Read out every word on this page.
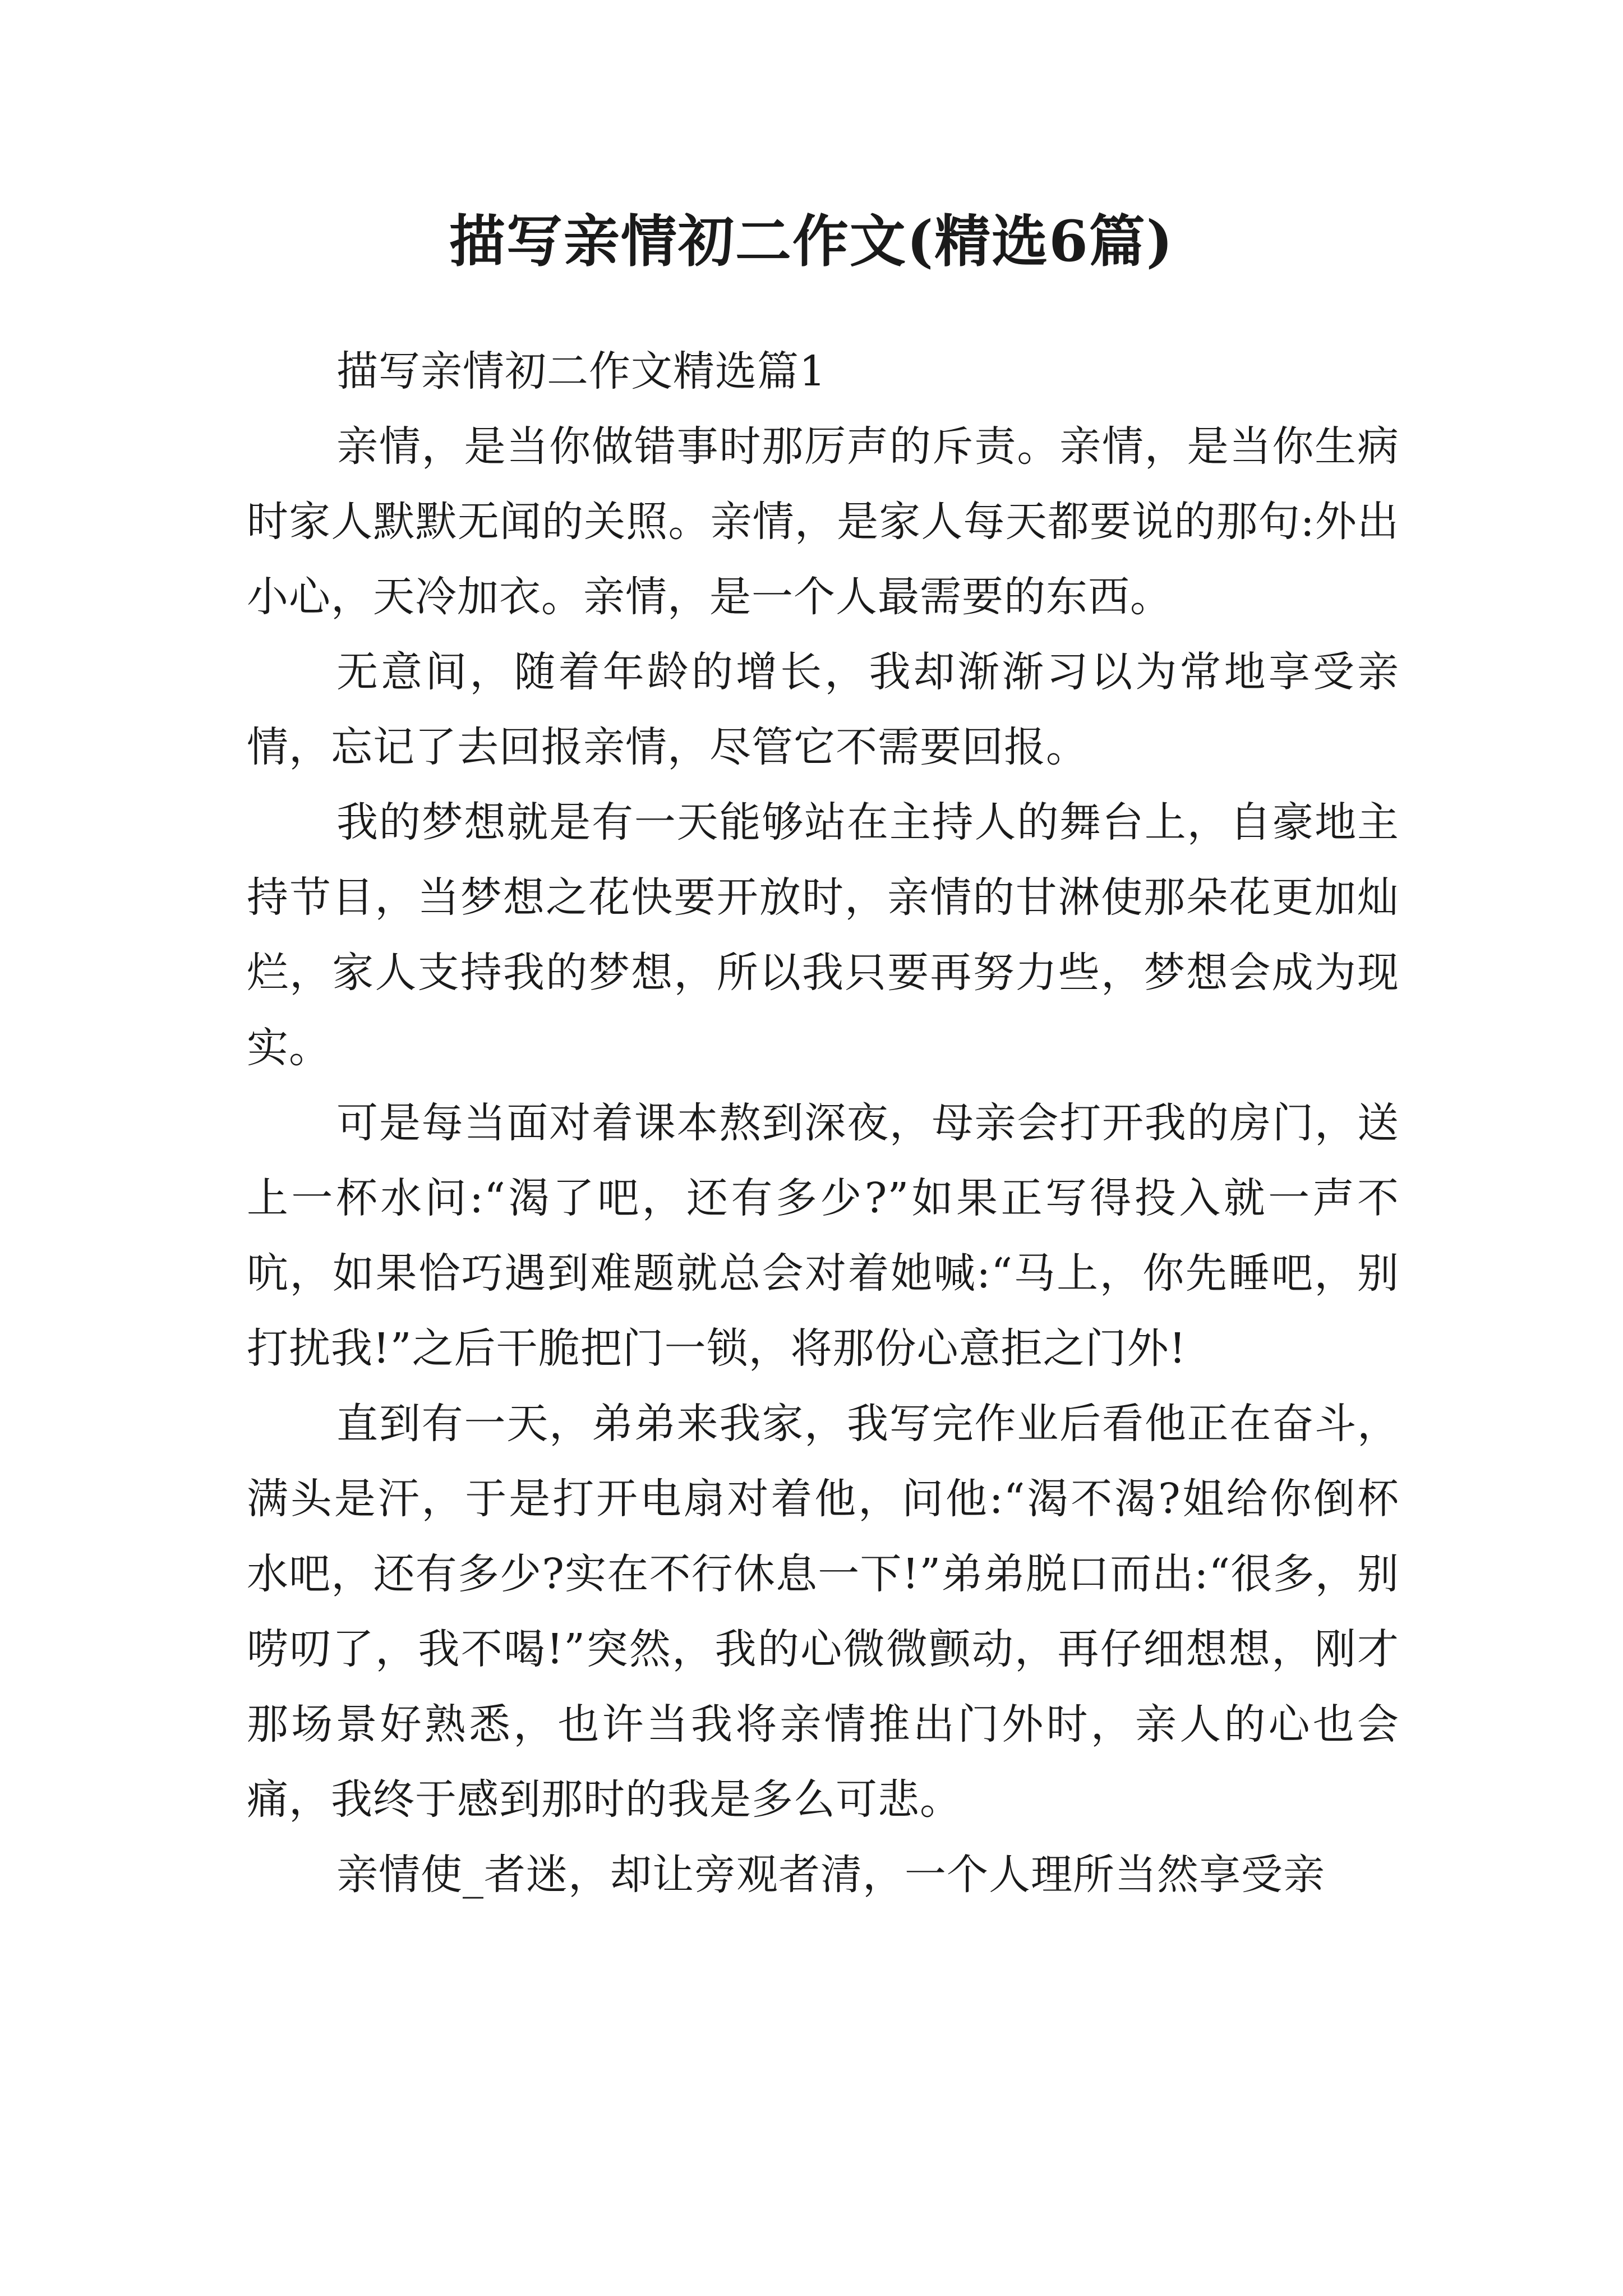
描写亲情初二作文(精选6篇)

描写亲情初二作文精选篇1

亲情，是当你做错事时那厉声的斥责。亲情，是当你生病时家人默默无闻的关照。亲情，是家人每天都要说的那句:外出小心，天冷加衣。亲情，是一个人最需要的东西。

无意间，随着年龄的增长，我却渐渐习以为常地享受亲情，忘记了去回报亲情，尽管它不需要回报。

我的梦想就是有一天能够站在主持人的舞台上，自豪地主持节目，当梦想之花快要开放时，亲情的甘淋使那朵花更加灿烂，家人支持我的梦想，所以我只要再努力些，梦想会成为现实。

可是每当面对着课本熬到深夜，母亲会打开我的房门，送上一杯水问:“渴了吧，还有多少?”如果正写得投入就一声不吭，如果恰巧遇到难题就总会对着她喊:“马上，你先睡吧，别打扰我!”之后干脆把门一锁，将那份心意拒之门外!

直到有一天，弟弟来我家，我写完作业后看他正在奋斗，满头是汗，于是打开电扇对着他，问他:“渴不渴?姐给你倒杯水吧，还有多少?实在不行休息一下!”弟弟脱口而出:“很多，别唠叨了，我不喝!”突然，我的心微微颤动，再仔细想想，刚才那场景好熟悉，也许当我将亲情推出门外时，亲人的心也会痛，我终于感到那时的我是多么可悲。

亲情使_者迷，却让旁观者清，一个人理所当然享受亲
